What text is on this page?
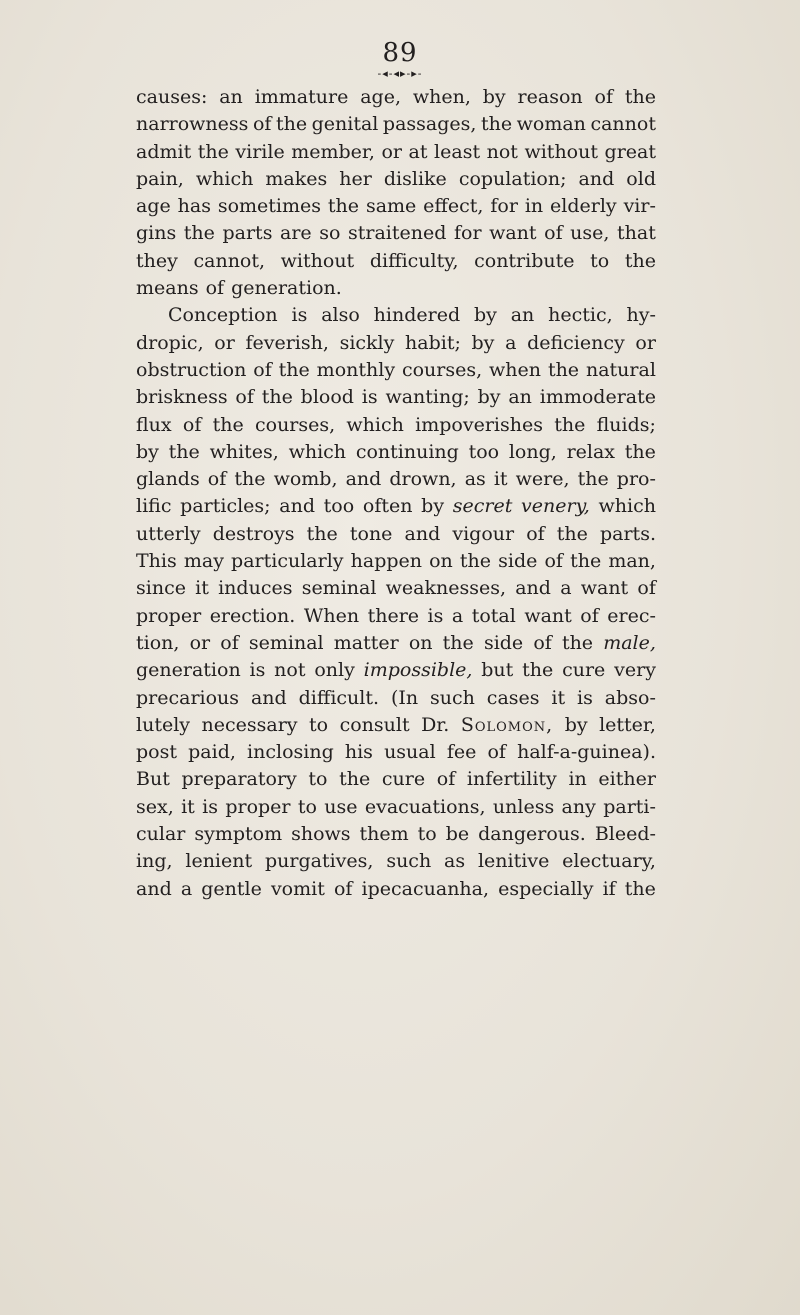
89
-◂-◂▸-▸-
causes: an immature age, when, by reason of the
narrowness of the genital passages, the woman cannot
admit the virile member, or at least not without great
pain, which makes her dislike copulation; and old
age has sometimes the same effect, for in elderly vir-
gins the parts are so straitened for want of use, that
they cannot, without difficulty, contribute to the
means of generation.
Conception is also hindered by an hectic, hy-
dropic, or feverish, sickly habit; by a deficiency or
obstruction of the monthly courses, when the natural
briskness of the blood is wanting; by an immoderate
flux of the courses, which impoverishes the fluids;
by the whites, which continuing too long, relax the
glands of the womb, and drown, as it were, the pro-
lific particles; and too often by secret venery, which
utterly destroys the tone and vigour of the parts.
This may particularly happen on the side of the man,
since it induces seminal weaknesses, and a want of
proper erection. When there is a total want of erec-
tion, or of seminal matter on the side of the male,
generation is not only impossible, but the cure very
precarious and difficult. (In such cases it is abso-
lutely necessary to consult Dr. Solomon, by letter,
post paid, inclosing his usual fee of half-a-guinea).
But preparatory to the cure of infertility in either
sex, it is proper to use evacuations, unless any parti-
cular symptom shows them to be dangerous. Bleed-
ing, lenient purgatives, such as lenitive electuary,
and a gentle vomit of ipecacuanha, especially if the
